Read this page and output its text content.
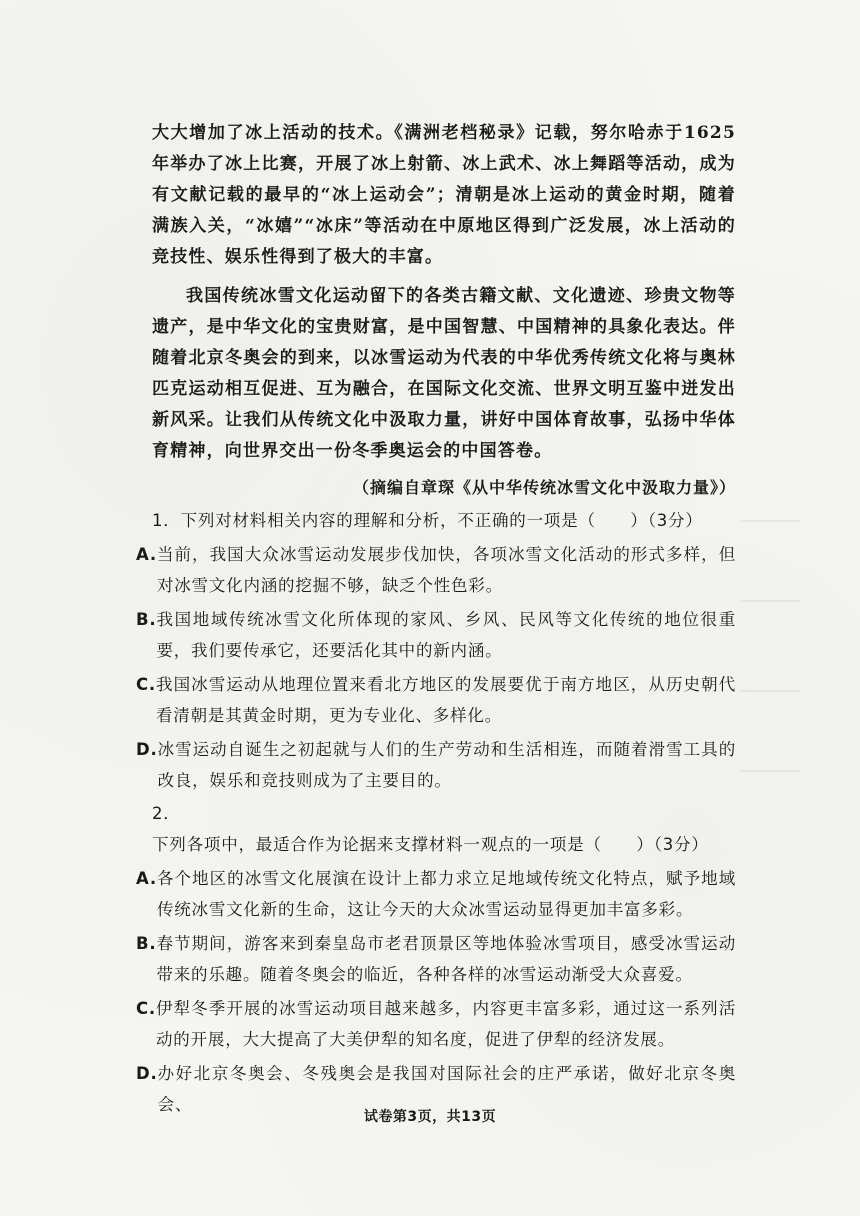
大大增加了冰上活动的技术。《满洲老档秘录》记载，努尔哈赤于1625年举办了冰上比赛，开展了冰上射箭、冰上武术、冰上舞蹈等活动，成为有文献记载的最早的“冰上运动会”；清朝是冰上运动的黄金时期，随着满族入关，“冰嬉”“冰床”等活动在中原地区得到广泛发展，冰上活动的竞技性、娱乐性得到了极大的丰富。

我国传统冰雪文化运动留下的各类古籍文献、文化遗迹、珍贵文物等遗产，是中华文化的宝贵财富，是中国智慧、中国精神的具象化表达。伴随着北京冬奥会的到来，以冰雪运动为代表的中华优秀传统文化将与奥林匹克运动相互促进、互为融合，在国际文化交流、世界文明互鉴中迸发出新风采。让我们从传统文化中汲取力量，讲好中国体育故事，弘扬中华体育精神，向世界交出一份冬季奥运会的中国答卷。

（摘编自章琛《从中华传统冰雪文化中汲取力量》）

1．下列对材料相关内容的理解和分析，不正确的一项是（　　）（3分）

A. 当前，我国大众冰雪运动发展步伐加快，各项冰雪文化活动的形式多样，但对冰雪文化内涵的挖掘不够，缺乏个性色彩。
B. 我国地域传统冰雪文化所体现的家风、乡风、民风等文化传统的地位很重要，我们要传承它，还要活化其中的新内涵。
C. 我国冰雪运动从地理位置来看北方地区的发展要优于南方地区，从历史朝代看清朝是其黄金时期，更为专业化、多样化。
D. 冰雪运动自诞生之初起就与人们的生产劳动和生活相连，而随着滑雪工具的改良，娱乐和竞技则成为了主要目的。

2．下列各项中，最适合作为论据来支撑材料一观点的一项是（　　）（3分）

A. 各个地区的冰雪文化展演在设计上都力求立足地域传统文化特点，赋予地域传统冰雪文化新的生命，这让今天的大众冰雪运动显得更加丰富多彩。
B. 春节期间，游客来到秦皇岛市老君顶景区等地体验冰雪项目，感受冰雪运动带来的乐趣。随着冬奥会的临近，各种各样的冰雪运动渐受大众喜爱。
C. 伊犁冬季开展的冰雪运动项目越来越多，内容更丰富多彩，通过这一系列活动的开展，大大提高了大美伊犁的知名度，促进了伊犁的经济发展。
D. 办好北京冬奥会、冬残奥会是我国对国际社会的庄严承诺，做好北京冬奥会、
试卷第3页，共13页
